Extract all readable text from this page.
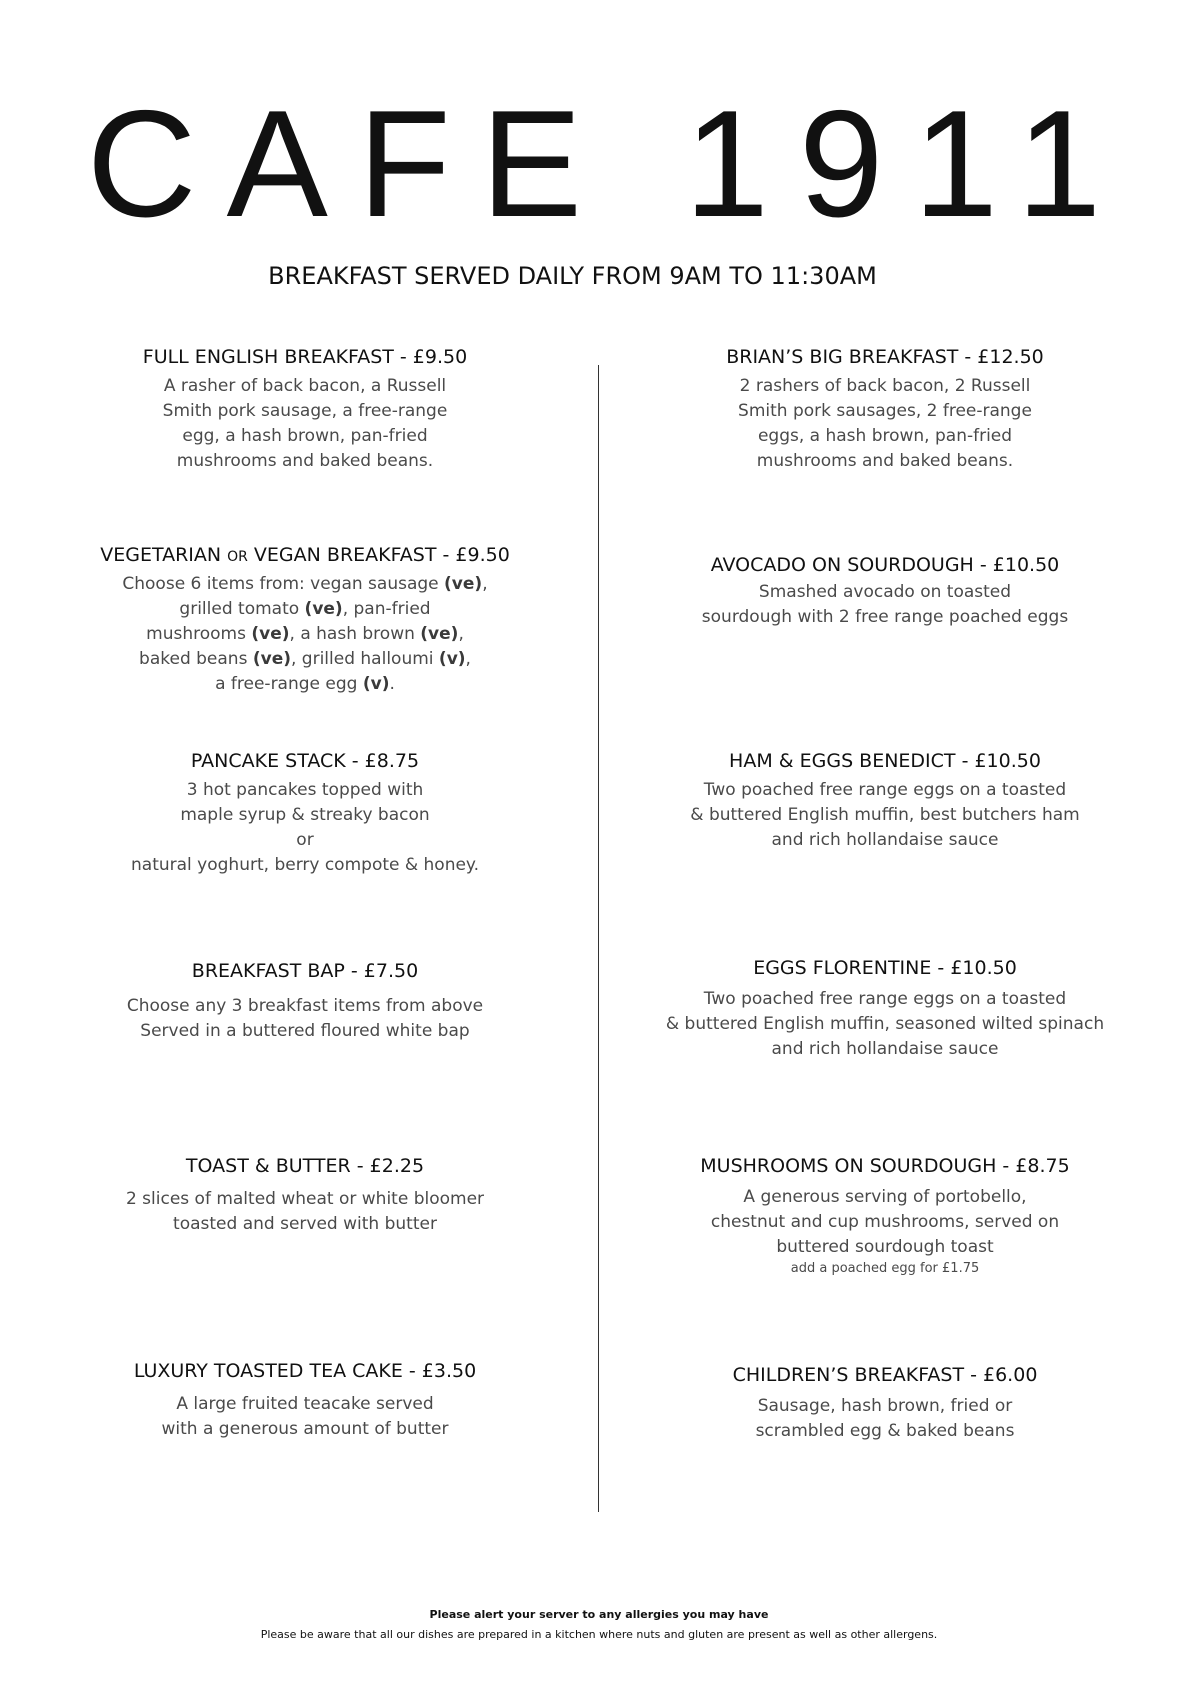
CAFE 1911
BREAKFAST SERVED DAILY FROM 9AM TO 11:30AM
FULL ENGLISH BREAKFAST - £9.50
A rasher of back bacon, a Russell
Smith pork sausage, a free-range
egg, a hash brown, pan-fried
mushrooms and baked beans.
VEGETARIAN OR VEGAN BREAKFAST - £9.50
Choose 6 items from: vegan sausage (ve),
grilled tomato (ve), pan-fried
mushrooms (ve), a hash brown (ve),
baked beans (ve), grilled halloumi (v),
a free-range egg (v).
PANCAKE STACK - £8.75
3 hot pancakes topped with
maple syrup & streaky bacon
or
natural yoghurt, berry compote & honey.
BREAKFAST BAP - £7.50
Choose any 3 breakfast items from above
Served in a buttered floured white bap
TOAST & BUTTER - £2.25
2 slices of malted wheat or white bloomer
toasted and served with butter
LUXURY TOASTED TEA CAKE - £3.50
A large fruited teacake served
with a generous amount of butter
BRIAN’S BIG BREAKFAST - £12.50
2 rashers of back bacon, 2 Russell
Smith pork sausages, 2 free-range
eggs, a hash brown, pan-fried
mushrooms and baked beans.
AVOCADO ON SOURDOUGH - £10.50
Smashed avocado on toasted
sourdough with 2 free range poached eggs
HAM & EGGS BENEDICT - £10.50
Two poached free range eggs on a toasted
& buttered English muffin, best butchers ham
and rich hollandaise sauce
EGGS FLORENTINE - £10.50
Two poached free range eggs on a toasted
& buttered English muffin, seasoned wilted spinach
and rich hollandaise sauce
MUSHROOMS ON SOURDOUGH - £8.75
A generous serving of portobello,
chestnut and cup mushrooms, served on
buttered sourdough toast
add a poached egg for £1.75
CHILDREN’S BREAKFAST - £6.00
Sausage, hash brown, fried or
scrambled egg & baked beans
Please alert your server to any allergies you may have
Please be aware that all our dishes are prepared in a kitchen where nuts and gluten are present as well as other allergens.
